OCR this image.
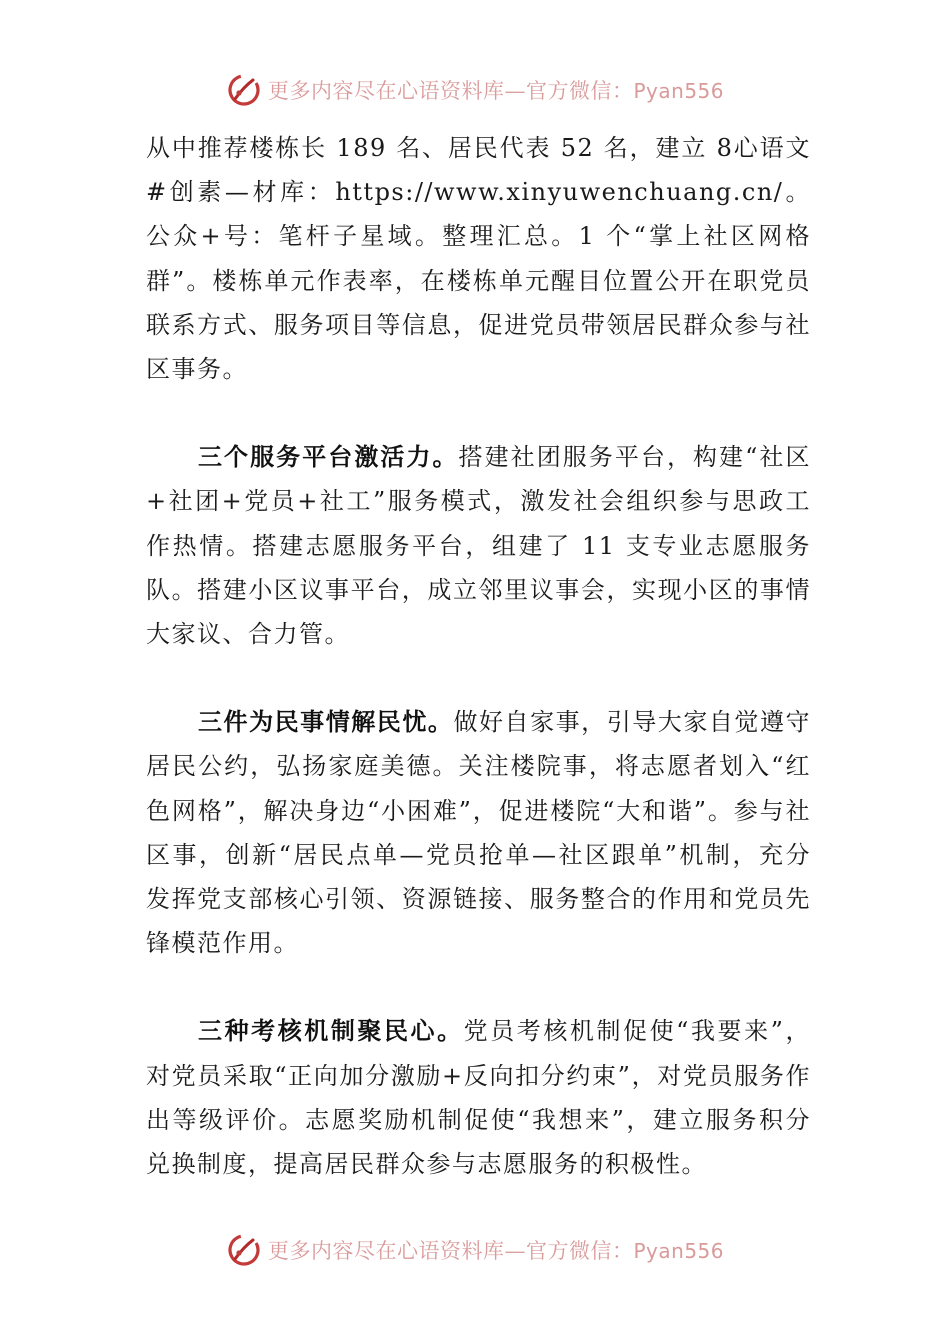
更多内容尽在心语资料库—官方微信：Pyan556

从中推荐楼栋长 189 名、居民代表 52 名，建立 8心语文#创素—材库：https://www.xinyuwenchuang.cn/。公众+号：笔杆子星域。整理汇总。1 个“掌上社区网格群”。楼栋单元作表率，在楼栋单元醒目位置公开在职党员联系方式、服务项目等信息，促进党员带领居民群众参与社区事务。

三个服务平台激活力。搭建社团服务平台，构建“社区+社团+党员+社工”服务模式，激发社会组织参与思政工作热情。搭建志愿服务平台，组建了 11 支专业志愿服务队。搭建小区议事平台，成立邻里议事会，实现小区的事情大家议、合力管。

三件为民事情解民忧。做好自家事，引导大家自觉遵守居民公约，弘扬家庭美德。关注楼院事，将志愿者划入“红色网格”，解决身边“小困难”，促进楼院“大和谐”。参与社区事，创新“居民点单—党员抢单—社区跟单”机制，充分发挥党支部核心引领、资源链接、服务整合的作用和党员先锋模范作用。

三种考核机制聚民心。党员考核机制促使“我要来”，对党员采取“正向加分激励+反向扣分约束”，对党员服务作出等级评价。志愿奖励机制促使“我想来”，建立服务积分兑换制度，提高居民群众参与志愿服务的积极性。

更多内容尽在心语资料库—官方微信：Pyan556
